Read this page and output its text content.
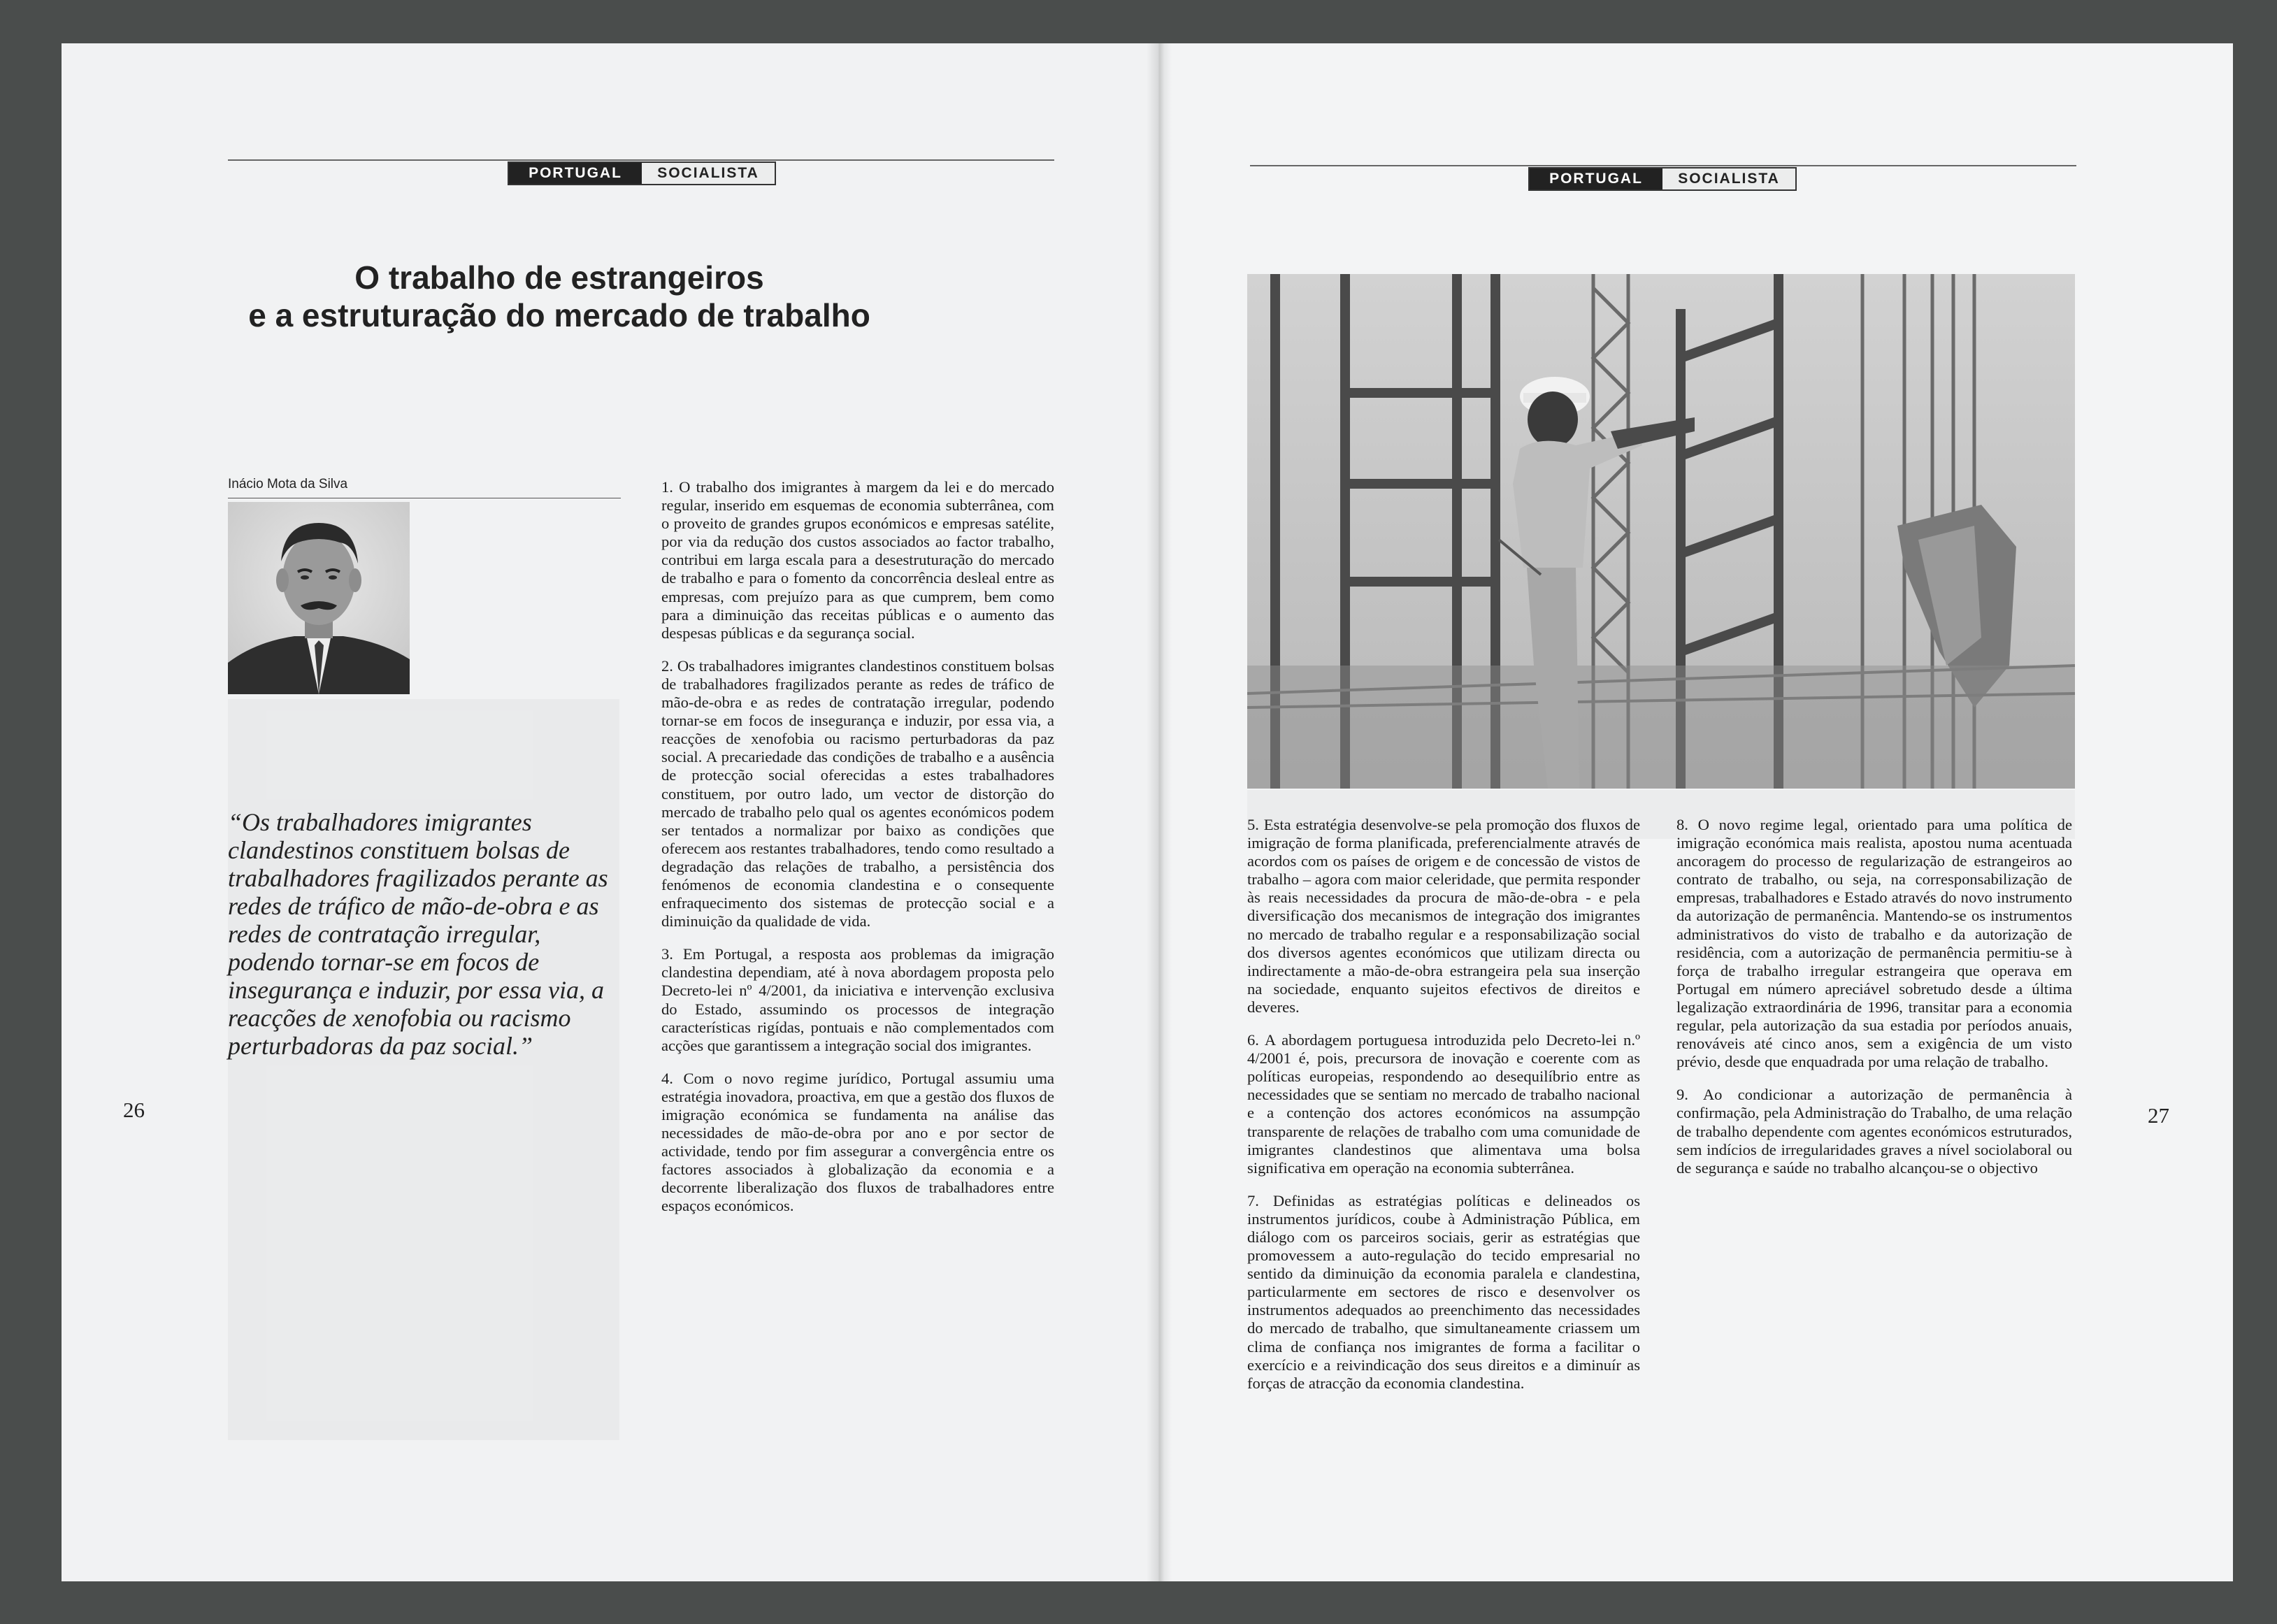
PORTUGAL	SOCIALISTA
O trabalho de estrangeiros
e a estruturação do mercado de trabalho
Inácio Mota da Silva
“Os trabalhadores imigrantes clandestinos constituem bolsas de trabalhadores fragilizados perante as redes de tráfico de mão-de-obra e as redes de contratação irregular, podendo tornar-se em focos de insegurança e induzir, por essa via, a reacções de xenofobia ou racismo perturbadoras da paz social.”
26

1. O trabalho dos imigrantes à margem da lei e do mercado regular, inserido em esquemas de economia subterrânea, com o proveito de grandes grupos económicos e empresas satélite, por via da redução dos custos associados ao factor trabalho, contribui em larga escala para a desestruturação do mercado de trabalho e para o fomento da concorrência desleal entre as empresas, com prejuízo para as que cumprem, bem como para a diminuição das receitas públicas e o aumento das despesas públicas e da segurança social.

2. Os trabalhadores imigrantes clandestinos constituem bolsas de trabalhadores fragilizados perante as redes de tráfico de mão-de-obra e as redes de contratação irregular, podendo tornar-se em focos de insegurança e induzir, por essa via, a reacções de xenofobia ou racismo perturbadoras da paz social. A precariedade das condições de trabalho e a ausência de protecção social oferecidas a estes trabalhadores constituem, por outro lado, um vector de distorção do mercado de trabalho pelo qual os agentes económicos podem ser tentados a normalizar por baixo as condições que oferecem aos restantes trabalhadores, tendo como resultado a degradação das relações de trabalho, a persistência dos fenómenos de economia clandestina e o consequente enfraquecimento dos sistemas de protecção social e a diminuição da qualidade de vida.

3. Em Portugal, a resposta aos problemas da imigração clandestina dependiam, até à nova abordagem proposta pelo Decreto-lei nº 4/2001, da iniciativa e intervenção exclusiva do Estado, assumindo os processos de integração características rigídas, pontuais e não complementados com acções que garantissem a integração social dos imigrantes.

4. Com o novo regime jurídico, Portugal assumiu uma estratégia inovadora, proactiva, em que a gestão dos fluxos de imigração económica se fundamenta na análise das necessidades de mão-de-obra por ano e por sector de actividade, tendo por fim assegurar a convergência entre os factores associados à globalização da economia e a decorrente liberalização dos fluxos de trabalhadores entre espaços económicos.

PORTUGAL	SOCIALISTA

5. Esta estratégia desenvolve-se pela promoção dos fluxos de imigração de forma planificada, preferencialmente através de acordos com os países de origem e de concessão de vistos de trabalho – agora com maior celeridade, que permita responder às reais necessidades da procura de mão-de-obra - e pela diversificação dos mecanismos de integração dos imigrantes no mercado de trabalho regular e a responsabilização social dos diversos agentes económicos que utilizam directa ou indirectamente a mão-de-obra estrangeira pela sua inserção na sociedade, enquanto sujeitos efectivos de direitos e deveres.

6. A abordagem portuguesa introduzida pelo Decreto-lei n.º 4/2001 é, pois, precursora de inovação e coerente com as políticas europeias, respondendo ao desequilíbrio entre as necessidades que se sentiam no mercado de trabalho nacional e a contenção dos actores económicos na assumpção transparente de relações de trabalho com uma comunidade de imigrantes clandestinos que alimentava uma bolsa significativa em operação na economia subterrânea.

7. Definidas as estratégias políticas e delineados os instrumentos jurídicos, coube à Administração Pública, em diálogo com os parceiros sociais, gerir as estratégias que promovessem a auto-regulação do tecido empresarial no sentido da diminuição da economia paralela e clandestina, particularmente em sectores de risco e desenvolver os instrumentos adequados ao preenchimento das necessidades do mercado de trabalho, que simultaneamente criassem um clima de confiança nos imigrantes de forma a facilitar o exercício e a reivindicação dos seus direitos e a diminuír as forças de atracção da economia clandestina.

8. O novo regime legal, orientado para uma política de imigração económica mais realista, apostou numa acentuada ancoragem do processo de regularização de estrangeiros ao contrato de trabalho, ou seja, na corresponsabilização de empresas, trabalhadores e Estado através do novo instrumento da autorização de permanência. Mantendo-se os instrumentos administrativos do visto de trabalho e da autorização de residência, com a autorização de permanência permitiu-se à força de trabalho irregular estrangeira que operava em Portugal em número apreciável sobretudo desde a última legalização extraordinária de 1996, transitar para a economia regular, pela autorização da sua estadia por períodos anuais, renováveis até cinco anos, sem a exigência de um visto prévio, desde que enquadrada por uma relação de trabalho.

9. Ao condicionar a autorização de permanência à confirmação, pela Administração do Trabalho, de uma relação de trabalho dependente com agentes económicos estruturados, sem indícios de irregularidades graves a nível sociolaboral ou de segurança e saúde no trabalho alcançou-se o objectivo

27
